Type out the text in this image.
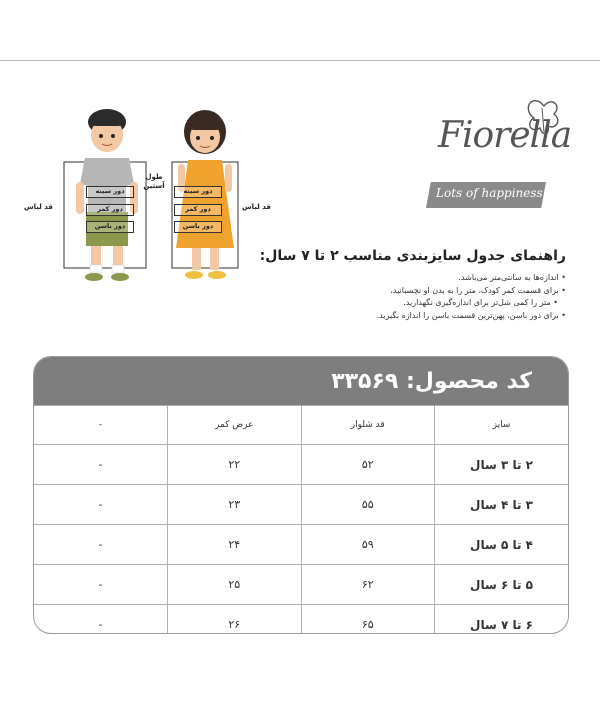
قد لباس	قد لباس
طول آستین
دور سینه
دور کمر
دور باسن
دور سینه
دور کمر
دور باسن
Fiorella
Lots of happiness
راهنمای جدول سایزبندی مناسب ۲ تا ۷ سال:
• اندازه‌ها به سانتی‌متر می‌باشد.
• برای قسمت کمر کودک، متر را به بدن او نچسبانید،
• متر را کمی شل‌تر برای اندازه‌گیری نگهدارید.
• برای دور باسن، پهن‌ترین قسمت باسن را اندازه بگیرید.
کد محصول: ۳۳۵۶۹
-	عرض کمر	قد شلوار	سایز
-	۲۲	۵۲	۲ تا ۳ سال
-	۲۳	۵۵	۳ تا ۴ سال
-	۲۴	۵۹	۴ تا ۵ سال
-	۲۵	۶۲	۵ تا ۶ سال
-	۲۶	۶۵	۶ تا ۷ سال
